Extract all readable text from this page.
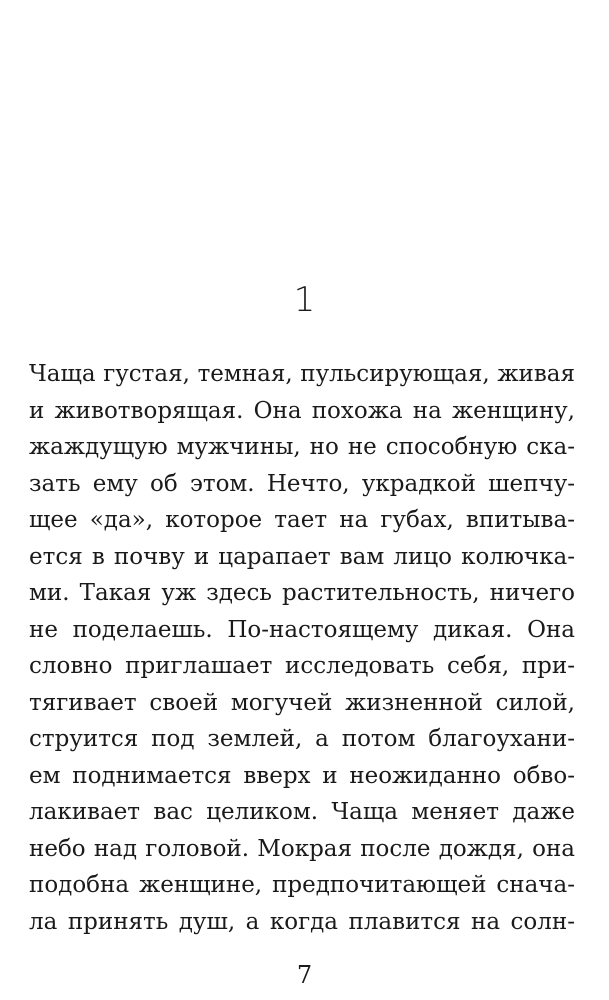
1
Чаща густая, темная, пульсирующая, живая
и животворящая. Она похожа на женщину,
жаждущую мужчины, но не способную ска-
зать ему об этом. Нечто, украдкой шепчу-
щее «да», которое тает на губах, впитыва-
ется в почву и царапает вам лицо колючка-
ми. Такая уж здесь растительность, ничего
не поделаешь. По-настоящему дикая. Она
словно приглашает исследовать себя, при-
тягивает своей могучей жизненной силой,
струится под землей, а потом благоухани-
ем поднимается вверх и неожиданно обво-
лакивает вас целиком. Чаща меняет даже
небо над головой. Мокрая после дождя, она
подобна женщине, предпочитающей снача-
ла принять душ, а когда плавится на солн-
7
